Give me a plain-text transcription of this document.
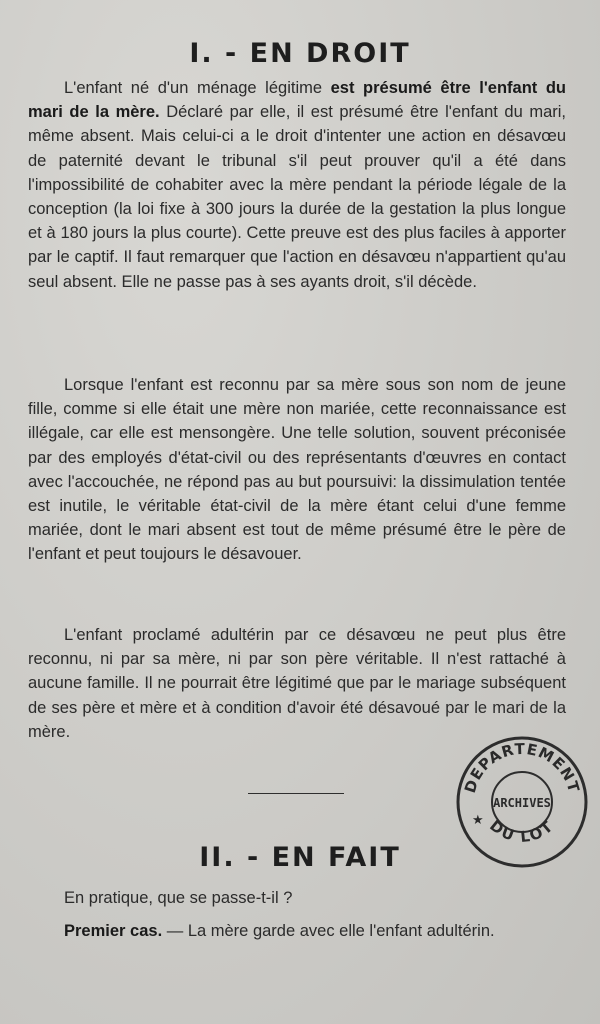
I. - EN DROIT

L'enfant né d'un ménage légitime est présumé être l'enfant du mari de la mère. Déclaré par elle, il est présumé être l'enfant du mari, même absent. Mais celui-ci a le droit d'intenter une action en désavœu de paternité devant le tribunal s'il peut prouver qu'il a été dans l'impossibilité de cohabiter avec la mère pendant la période légale de la conception (la loi fixe à 300 jours la durée de la gestation la plus longue et à 180 jours la plus courte). Cette preuve est des plus faciles à apporter par le captif. Il faut remarquer que l'action en désavœu n'appartient qu'au seul absent. Elle ne passe pas à ses ayants droit, s'il décède.

Lorsque l'enfant est reconnu par sa mère sous son nom de jeune fille, comme si elle était une mère non mariée, cette reconnaissance est illégale, car elle est mensongère. Une telle solution, souvent préconisée par des employés d'état-civil ou des représentants d'œuvres en contact avec l'accouchée, ne répond pas au but poursuivi: la dissimulation tentée est inutile, le véritable état-civil de la mère étant celui d'une femme mariée, dont le mari absent est tout de même présumé être le père de l'enfant et peut toujours le désavouer.

L'enfant proclamé adultérin par ce désavœu ne peut plus être reconnu, ni par sa mère, ni par son père véritable. Il n'est rattaché à aucune famille. Il ne pourrait être légitimé que par le mariage subséquent de ses père et mère et à condition d'avoir été désavoué par le mari de la mère.

DEPARTEMENT
ARCHIVES
DU LOT
★
II. - EN FAIT

En pratique, que se passe-t-il ?

Premier cas. — La mère garde avec elle l'enfant adultérin.
